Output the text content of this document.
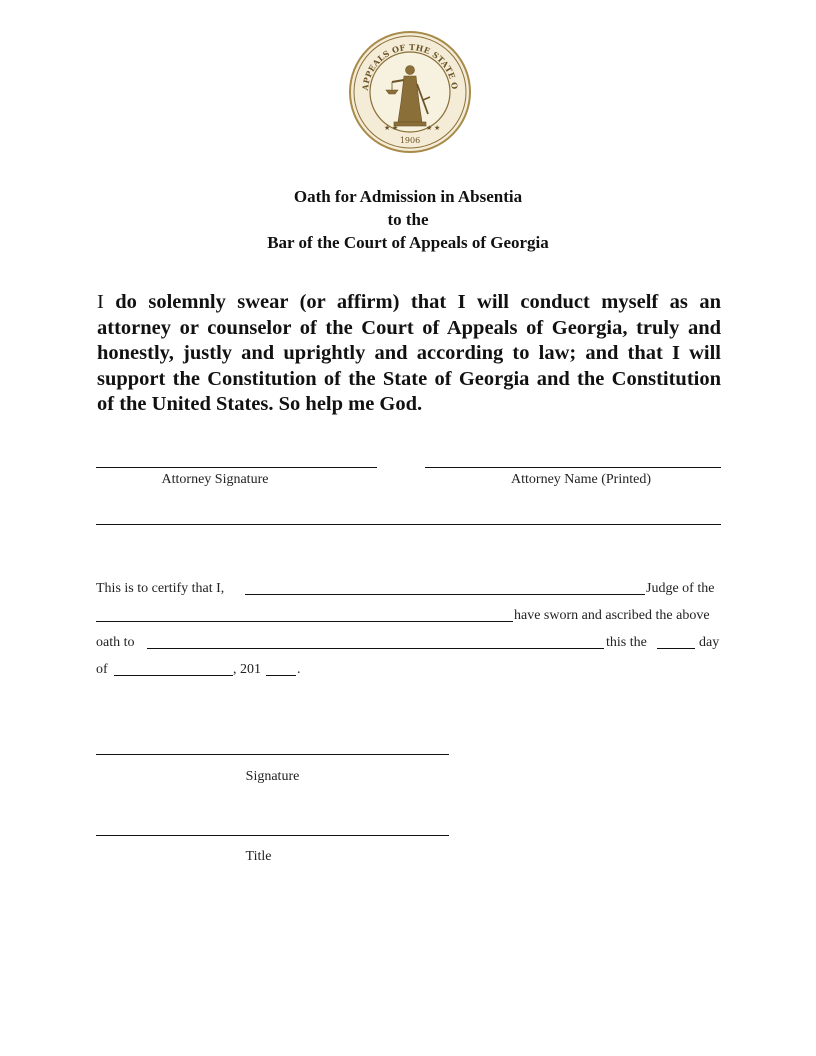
APPEALS OF THE STATE O
★ ★	★ ★
1906
Oath for Admission in Absentia
to the
Bar of the Court of Appeals of Georgia
I do solemnly swear (or affirm) that I will conduct myself as an attorney or counselor of the Court of Appeals of Georgia, truly and honestly, justly and uprightly and according to law; and that I will support the Constitution of the State of Georgia and the Constitution of the United States. So help me God.
Attorney Signature	Attorney Name (Printed)
This is to certify that I,	Judge of the
have sworn and ascribed the above
oath to	this the	day
of	, 201	.
Signature
Title
